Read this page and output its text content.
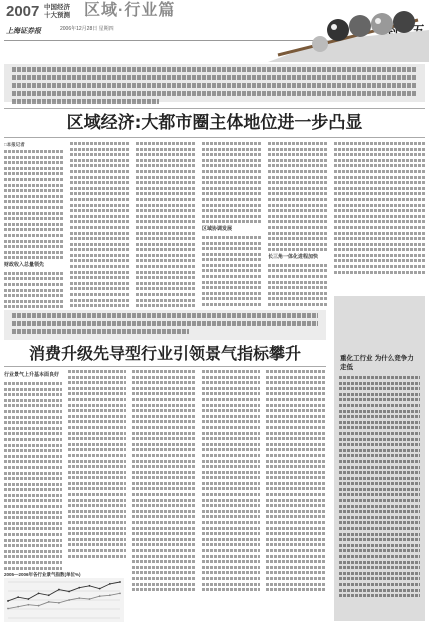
2007 中国经济 十大预测 区域·行业篇
上海证券报	2006年12月28日 星期四
区域经济:大都市圈主体地位进一步凸显
□本报记者
财政收入总量领先
区域协调发展
长三角一体化进程加快
消费升级先导型行业引领景气指标攀升
行业景气上升基本面良好
重化工行业 为什么竞争力走低
2005—2006年各行业景气指数(单位%)
